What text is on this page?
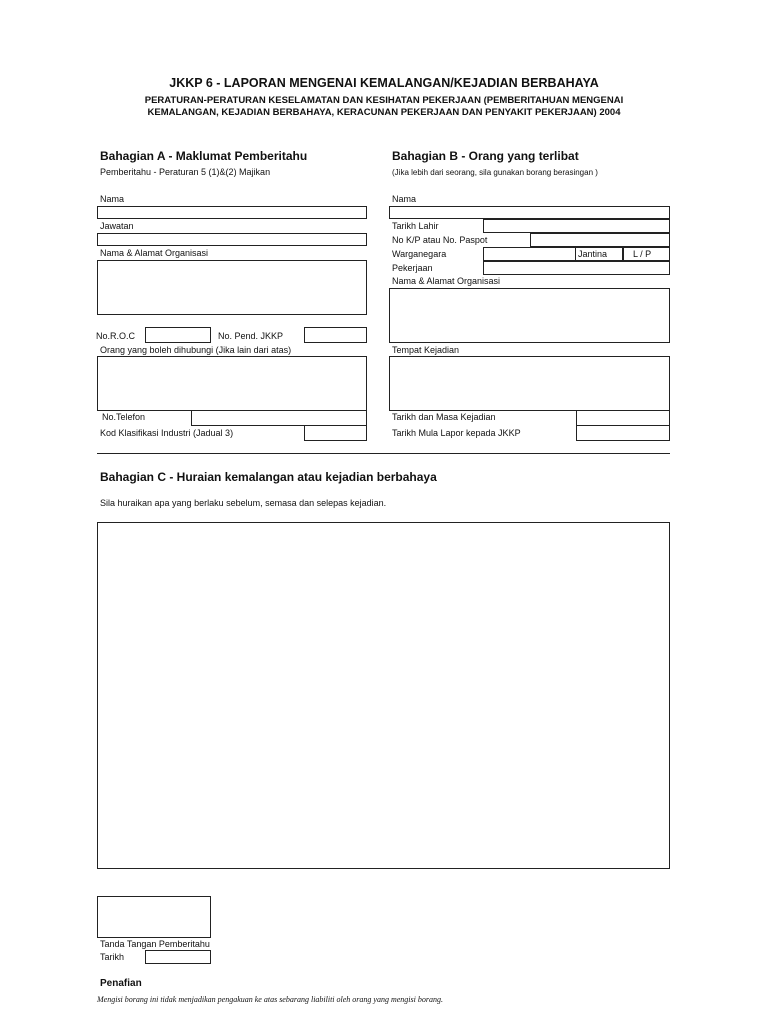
JKKP 6 - LAPORAN MENGENAI KEMALANGAN/KEJADIAN BERBAHAYA
PERATURAN-PERATURAN KESELAMATAN DAN KESIHATAN PEKERJAAN (PEMBERITAHUAN MENGENAI
KEMALANGAN, KEJADIAN BERBAHAYA, KERACUNAN PEKERJAAN DAN PENYAKIT PEKERJAAN) 2004
Bahagian A - Maklumat Pemberitahu
Pemberitahu - Peraturan 5 (1)&(2) Majikan
Nama
Jawatan
Nama & Alamat Organisasi
No.R.O.C	No. Pend. JKKP
Orang yang boleh dihubungi (Jika lain dari atas)
No.Telefon
Kod Klasifikasi Industri (Jadual 3)
Bahagian B - Orang yang terlibat
(Jika lebih dari seorang, sila gunakan borang berasingan )
Nama
Tarikh Lahir
No K/P atau No. Paspot
Warganegara	Jantina	L / P
Pekerjaan
Nama & Alamat Organisasi
Tempat Kejadian
Tarikh dan Masa Kejadian
Tarikh Mula Lapor kepada JKKP
Bahagian C - Huraian kemalangan atau kejadian berbahaya
Sila huraikan apa yang berlaku sebelum, semasa dan selepas kejadian.
Tanda Tangan Pemberitahu
Tarikh
Penafian
Mengisi borang ini tidak menjadikan pengakuan ke atas sebarang liabiliti oleh orang yang mengisi borang.
